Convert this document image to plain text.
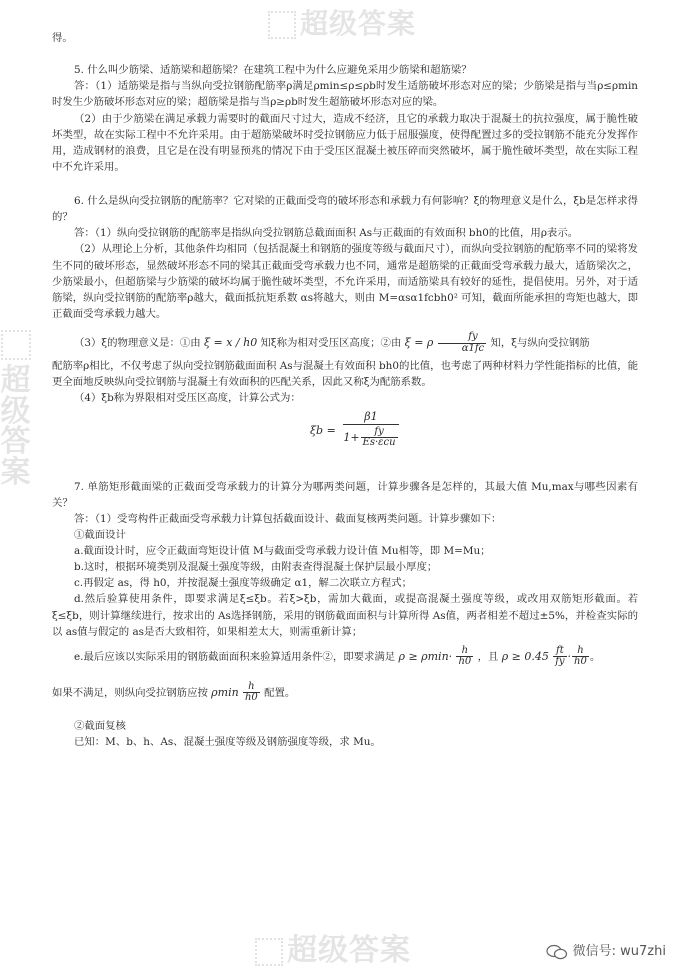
超级答案
超级答案
超级答案

得。

5. 什么叫少筋梁、适筋梁和超筋梁？在建筑工程中为什么应避免采用少筋梁和超筋梁？

答：（1）适筋梁是指与当纵向受拉钢筋配筋率ρ满足ρmin≤ρ≤ρb时发生适筋破坏形态对应的梁；少筋梁是指与当ρ≤ρmin时发生少筋破坏形态对应的梁；超筋梁是指与当ρ≥ρb时发生超筋破坏形态对应的梁。

（2）由于少筋梁在满足承载力需要时的截面尺寸过大，造成不经济，且它的承载力取决于混凝土的抗拉强度，属于脆性破坏类型，故在实际工程中不允许采用。由于超筋梁破坏时受拉钢筋应力低于屈服强度，使得配置过多的受拉钢筋不能充分发挥作用，造成钢材的浪费，且它是在没有明显预兆的情况下由于受压区混凝土被压碎而突然破坏，属于脆性破坏类型，故在实际工程中不允许采用。

6. 什么是纵向受拉钢筋的配筋率？它对梁的正截面受弯的破坏形态和承载力有何影响？ξ的物理意义是什么，ξb是怎样求得的？

答：（1）纵向受拉钢筋的配筋率是指纵向受拉钢筋总截面面积 As与正截面的有效面积 bh0的比值，用ρ表示。

（2）从理论上分析，其他条件均相同（包括混凝土和钢筋的强度等级与截面尺寸），而纵向受拉钢筋的配筋率不同的梁将发生不同的破坏形态，显然破坏形态不同的梁其正截面受弯承载力也不同，通常是超筋梁的正截面受弯承载力最大，适筋梁次之，少筋梁最小，但超筋梁与少筋梁的破坏均属于脆性破坏类型，不允许采用，而适筋梁具有较好的延性，提倡使用。另外，对于适筋梁，纵向受拉钢筋的配筋率ρ越大，截面抵抗矩系数 αs将越大，则由 M=αsα1fcbh0² 可知，截面所能承担的弯矩也越大，即正截面受弯承载力越大。

（3）ξ的物理意义是：①由 ξ = x / h0 知ξ称为相对受压区高度；②由 ξ = ρ $\frac{fy}{\alpha 1fc}$ 知，ξ与纵向受拉钢筋

配筋率ρ相比，不仅考虑了纵向受拉钢筋截面面积 As与混凝土有效面积 bh0的比值，也考虑了两种材料力学性能指标的比值，能更全面地反映纵向受拉钢筋与混凝土有效面积的匹配关系，因此又称ξ为配筋系数。

（4）ξb称为界限相对受压区高度，计算公式为：

$\xi b = \frac{\beta 1}{1+ \frac{fy}{\text{Es·εcu}}}$

7. 单筋矩形截面梁的正截面受弯承载力的计算分为哪两类问题，计算步骤各是怎样的，其最大值 Mu,max与哪些因素有关？

答：（1）受弯构件正截面受弯承载力计算包括截面设计、截面复核两类问题。计算步骤如下：

①截面设计

a.截面设计时，应令正截面弯矩设计值 M与截面受弯承载力设计值 Mu相等，即 M=Mu；

b.这时，根据环境类别及混凝土强度等级，由附表查得混凝土保护层最小厚度；

c.再假定 as，得 h0，并按混凝土强度等级确定 α1，解二次联立方程式；

d.然后验算使用条件，即要求满足ξ≤ξb。若ξ>ξb，需加大截面，或提高混凝土强度等级，或改用双筋矩形截面。若ξ≤ξb，则计算继续进行，按求出的 As选择钢筋，采用的钢筋截面面积与计算所得 As值，两者相差不超过±5%，并检查实际的以 as值与假定的 as是否大致相符，如果相差太大，则需重新计算；

e.最后应该以实际采用的钢筋截面面积来验算适用条件②，即要求满足 $\rho \ge \rho\min\cdot \frac{h}{h0}$ ，且 $\rho \ge 0.45 \frac{ft}{fy} \cdot \frac{h}{h0}$ 。

如果不满足，则纵向受拉钢筋应按 ρmin $\frac{h}{h0}$ 配置。

②截面复核

已知：M、b、h、As、混凝土强度等级及钢筋强度等级，求 Mu。

微信号: wu7zhi
